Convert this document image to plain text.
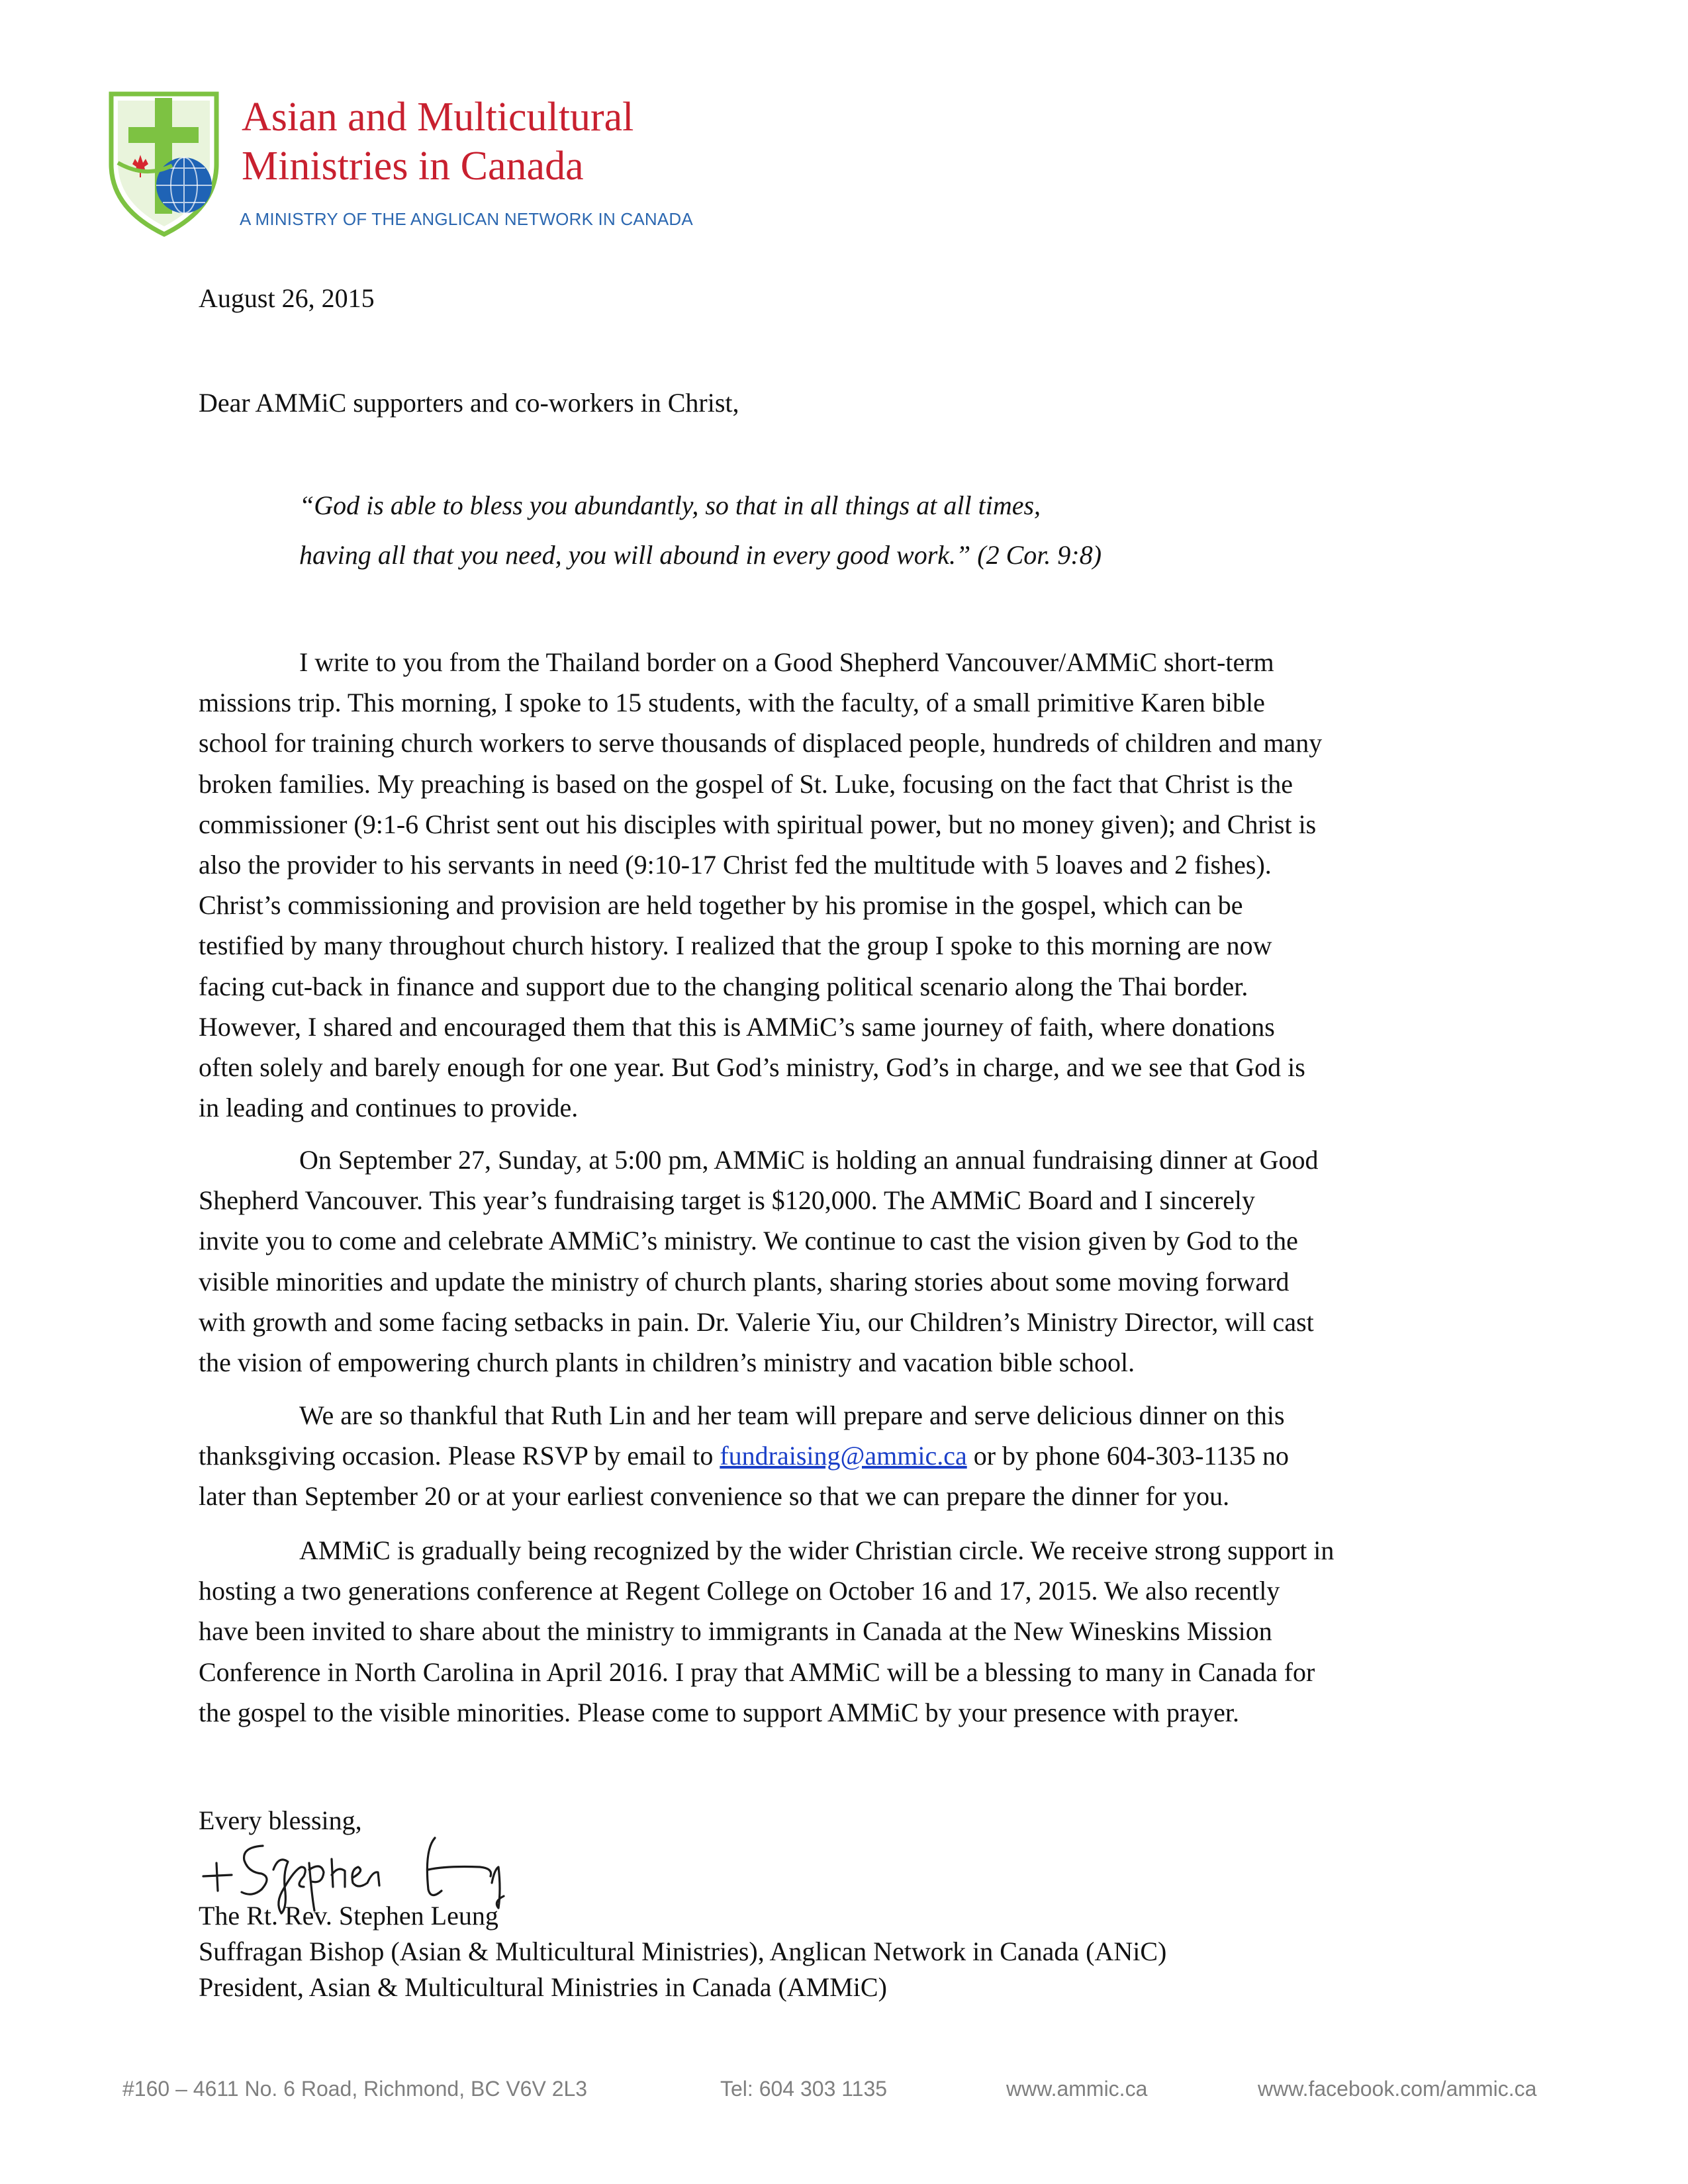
Asian and Multicultural
Ministries in Canada
A MINISTRY OF THE ANGLICAN NETWORK IN CANADA
August 26, 2015
Dear AMMiC supporters and co-workers in Christ,
“God is able to bless you abundantly, so that in all things at all times,
having all that you need, you will abound in every good work.” (2 Cor. 9:8)
I write to you from the Thailand border on a Good Shepherd Vancouver/AMMiC short-term
missions trip. This morning, I spoke to 15 students, with the faculty, of a small primitive Karen bible
school for training church workers to serve thousands of displaced people, hundreds of children and many
broken families. My preaching is based on the gospel of St. Luke, focusing on the fact that Christ is the
commissioner (9:1-6 Christ sent out his disciples with spiritual power, but no money given); and Christ is
also the provider to his servants in need (9:10-17 Christ fed the multitude with 5 loaves and 2 fishes).
Christ’s commissioning and provision are held together by his promise in the gospel, which can be
testified by many throughout church history. I realized that the group I spoke to this morning are now
facing cut-back in finance and support due to the changing political scenario along the Thai border.
However, I shared and encouraged them that this is AMMiC’s same journey of faith, where donations
often solely and barely enough for one year. But God’s ministry, God’s in charge, and we see that God is
in leading and continues to provide.
On September 27, Sunday, at 5:00 pm, AMMiC is holding an annual fundraising dinner at Good
Shepherd Vancouver. This year’s fundraising target is $120,000. The AMMiC Board and I sincerely
invite you to come and celebrate AMMiC’s ministry. We continue to cast the vision given by God to the
visible minorities and update the ministry of church plants, sharing stories about some moving forward
with growth and some facing setbacks in pain. Dr. Valerie Yiu, our Children’s Ministry Director, will cast
the vision of empowering church plants in children’s ministry and vacation bible school.
We are so thankful that Ruth Lin and her team will prepare and serve delicious dinner on this
thanksgiving occasion. Please RSVP by email to fundraising@ammic.ca or by phone 604-303-1135 no
later than September 20 or at your earliest convenience so that we can prepare the dinner for you.
AMMiC is gradually being recognized by the wider Christian circle. We receive strong support in
hosting a two generations conference at Regent College on October 16 and 17, 2015. We also recently
have been invited to share about the ministry to immigrants in Canada at the New Wineskins Mission
Conference in North Carolina in April 2016. I pray that AMMiC will be a blessing to many in Canada for
the gospel to the visible minorities. Please come to support AMMiC by your presence with prayer.
Every blessing,
The Rt. Rev. Stephen Leung
Suffragan Bishop (Asian & Multicultural Ministries), Anglican Network in Canada (ANiC)
President, Asian & Multicultural Ministries in Canada (AMMiC)
#160 – 4611 No. 6 Road, Richmond, BC V6V 2L3	Tel: 604 303 1135	www.ammic.ca	www.facebook.com/ammic.ca
